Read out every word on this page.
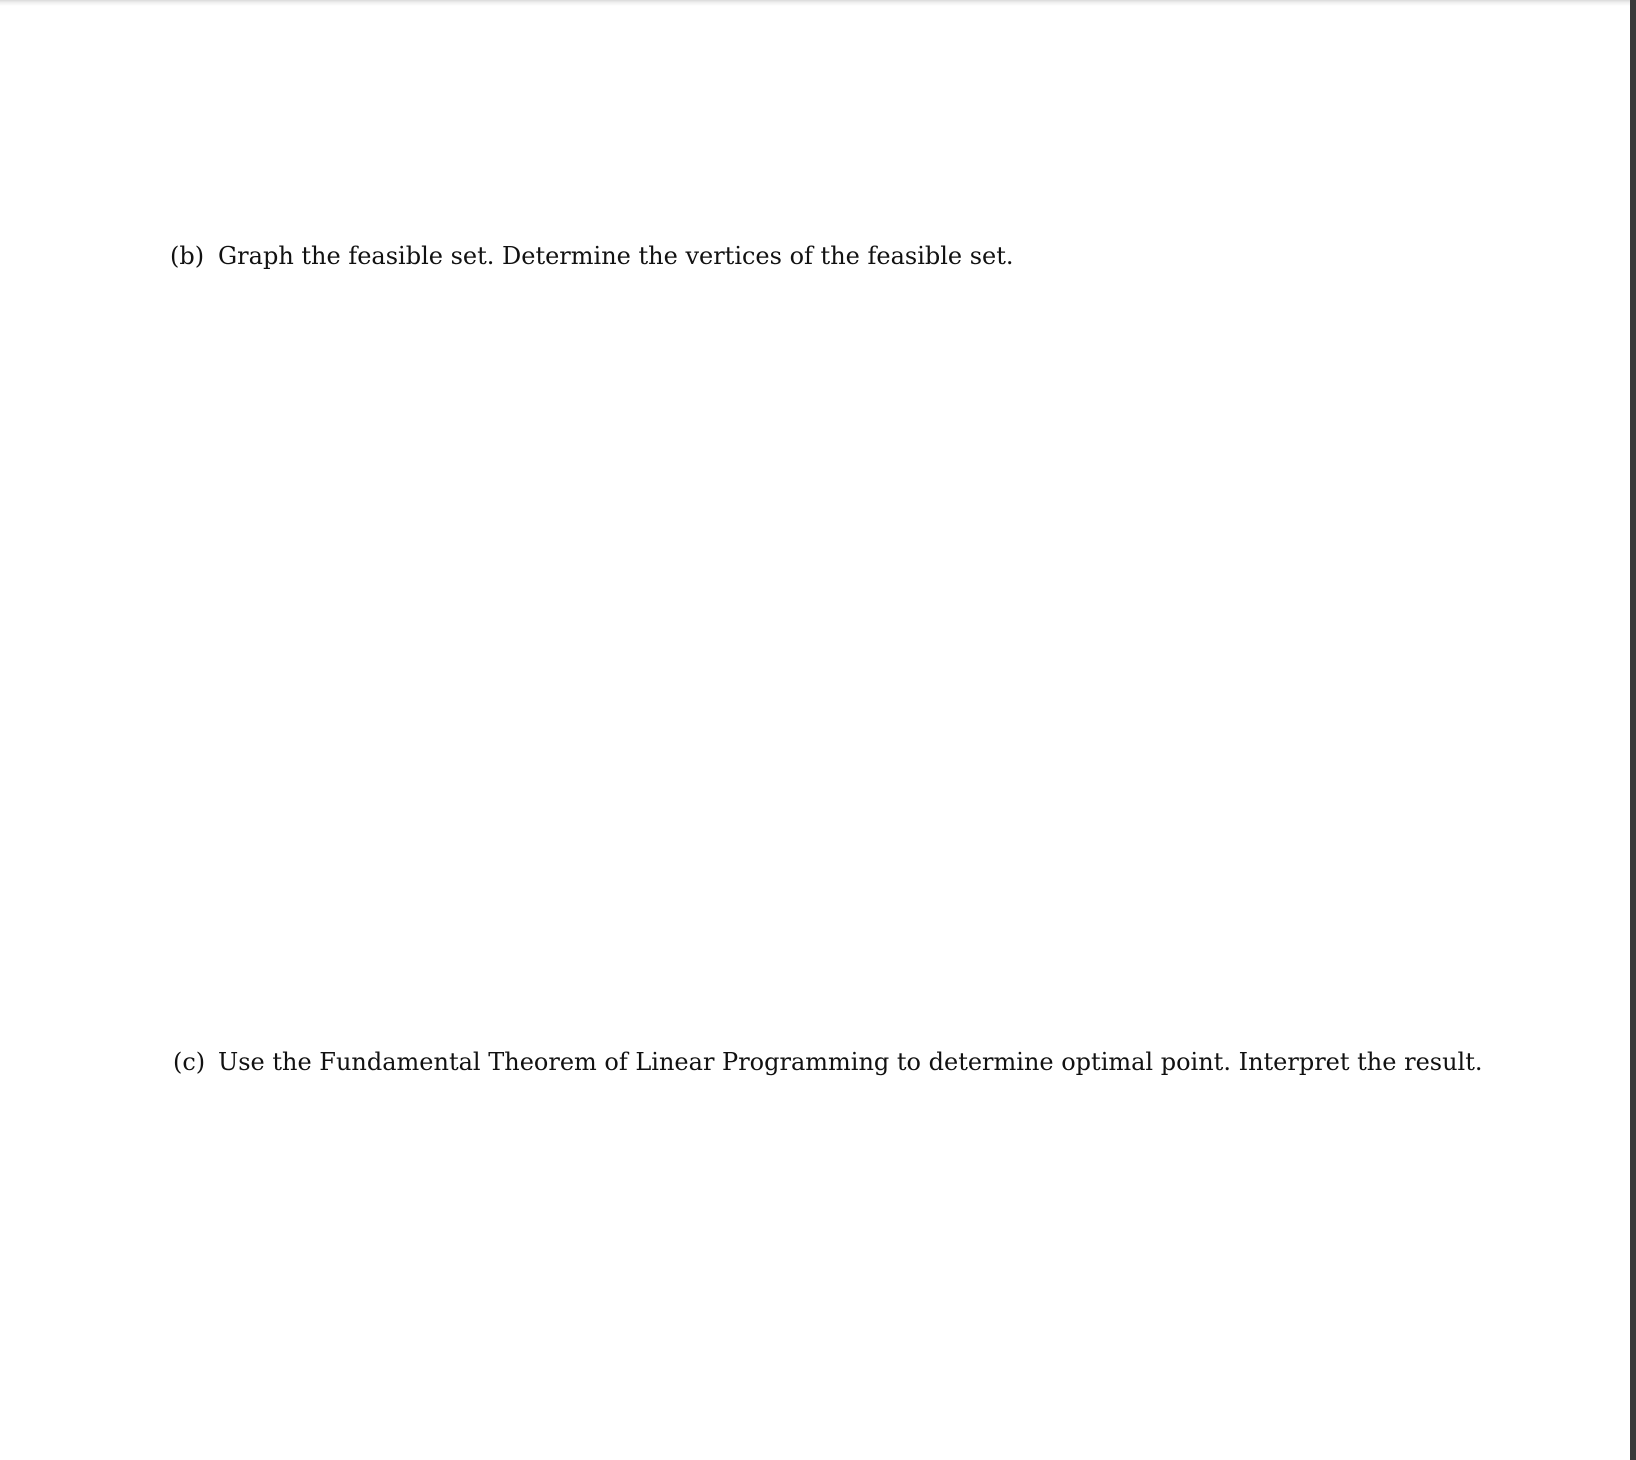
(b) Graph the feasible set. Determine the vertices of the feasible set.
(c) Use the Fundamental Theorem of Linear Programming to determine optimal point. Interpret the result.
